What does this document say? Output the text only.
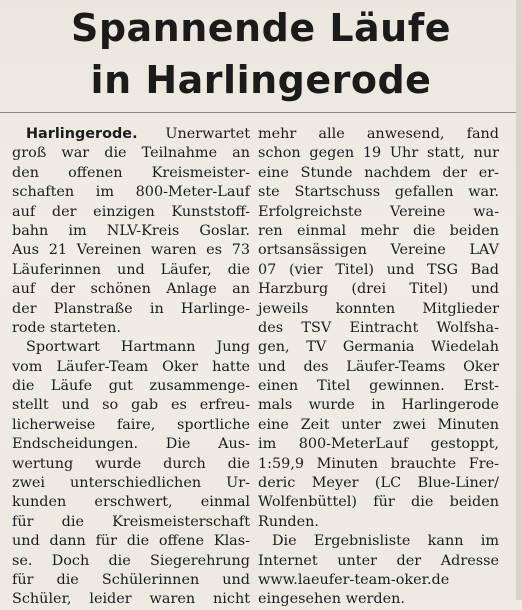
Spannende Läufe
in Harlingerode
Harlingerode. Unerwartet
groß war die Teilnahme an
den offenen Kreismeister-
schaften im 800-Meter-Lauf
auf der einzigen Kunststoff-
bahn im NLV-Kreis Goslar.
Aus 21 Vereinen waren es 73
Läuferinnen und Läufer, die
auf der schönen Anlage an
der Planstraße in Harlinge-
rode starteten.
Sportwart Hartmann Jung
vom Läufer-Team Oker hatte
die Läufe gut zusammenge-
stellt und so gab es erfreu-
licherweise faire, sportliche
Endscheidungen. Die Aus-
wertung wurde durch die
zwei unterschiedlichen Ur-
kunden erschwert, einmal
für die Kreismeisterschaft
und dann für die offene Klas-
se. Doch die Siegerehrung
für die Schülerinnen und
Schüler, leider waren nicht
mehr alle anwesend, fand
schon gegen 19 Uhr statt, nur
eine Stunde nachdem der er-
ste Startschuss gefallen war.
Erfolgreichste Vereine wa-
ren einmal mehr die beiden
ortsansässigen Vereine LAV
07 (vier Titel) und TSG Bad
Harzburg (drei Titel) und
jeweils konnten Mitglieder
des TSV Eintracht Wolfsha-
gen, TV Germania Wiedelah
und des Läufer-Teams Oker
einen Titel gewinnen. Erst-
mals wurde in Harlingerode
eine Zeit unter zwei Minuten
im 800-MeterLauf gestoppt,
1:59,9 Minuten brauchte Fre-
deric Meyer (LC Blue-Liner/
Wolfenbüttel) für die beiden
Runden.
Die Ergebnisliste kann im
Internet unter der Adresse
www.laeufer-team-oker.de
eingesehen werden.
